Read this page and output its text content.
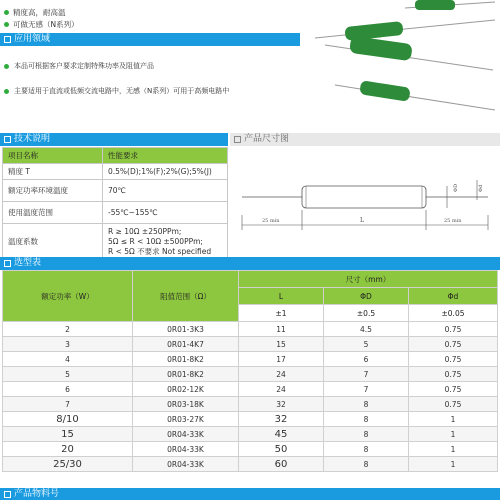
精度高，耐高温
可做无感（N系列）
应用领域
本品可根据客户要求定制特殊功率及阻值产品
主要适用于直流或低频交流电路中，无感（N系列）可用于高频电路中
技术说明	产品尺寸图
项目名称	性能要求
精度 T	0.5%(D);1%(F);2%(G);5%(J)
额定功率环境温度	70℃
使用温度范围	-55℃~155℃
温度系数	R ≥ 10Ω ±250PPm;
5Ω ≤ R < 10Ω ±500PPm;
R < 5Ω 不要求 Not specified
25 min	L	25 min
ΦD	Φd
选型表
额定功率（W）	阻值范围（Ω）	尺寸（mm）		
		L	ΦD	Φd
		±1	±0.5	±0.05
2	0R01-3K3	11	4.5	0.75
3	0R01-4K7	15	5	0.75
4	0R01-8K2	17	6	0.75
5	0R01-8K2	24	7	0.75
6	0R02-12K	24	7	0.75
7	0R03-18K	32	8	0.75
8/10	0R03-27K	32	8	1
15	0R04-33K	45	8	1
20	0R04-33K	50	8	1
25/30	0R04-33K	60	8	1
产品物料号
